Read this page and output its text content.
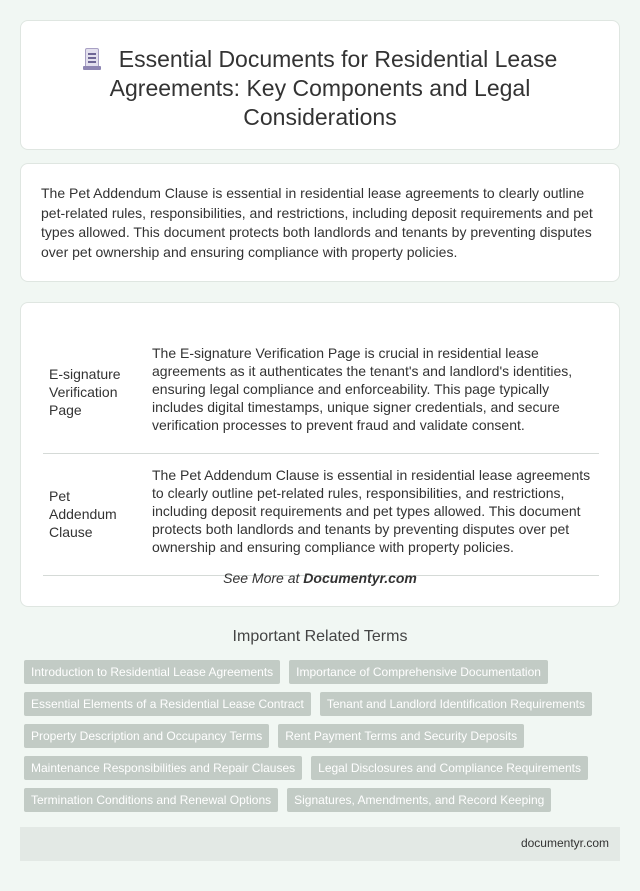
Essential Documents for Residential Lease Agreements: Key Components and Legal Considerations

The Pet Addendum Clause is essential in residential lease agreements to clearly outline pet-related rules, responsibilities, and restrictions, including deposit requirements and pet types allowed. This document protects both landlords and tenants by preventing disputes over pet ownership and ensuring compliance with property policies.

E-signature Verification Page	The E-signature Verification Page is crucial in residential lease agreements as it authenticates the tenant's and landlord's identities, ensuring legal compliance and enforceability. This page typically includes digital timestamps, unique signer credentials, and secure verification processes to prevent fraud and validate consent.
Pet Addendum Clause	The Pet Addendum Clause is essential in residential lease agreements to clearly outline pet-related rules, responsibilities, and restrictions, including deposit requirements and pet types allowed. This document protects both landlords and tenants by preventing disputes over pet ownership and ensuring compliance with property policies.
See More at Documentyr.com
Important Related Terms
Introduction to Residential Lease Agreements	Importance of Comprehensive Documentation
Essential Elements of a Residential Lease Contract	Tenant and Landlord Identification Requirements
Property Description and Occupancy Terms	Rent Payment Terms and Security Deposits
Maintenance Responsibilities and Repair Clauses	Legal Disclosures and Compliance Requirements
Termination Conditions and Renewal Options	Signatures, Amendments, and Record Keeping
documentyr.com
